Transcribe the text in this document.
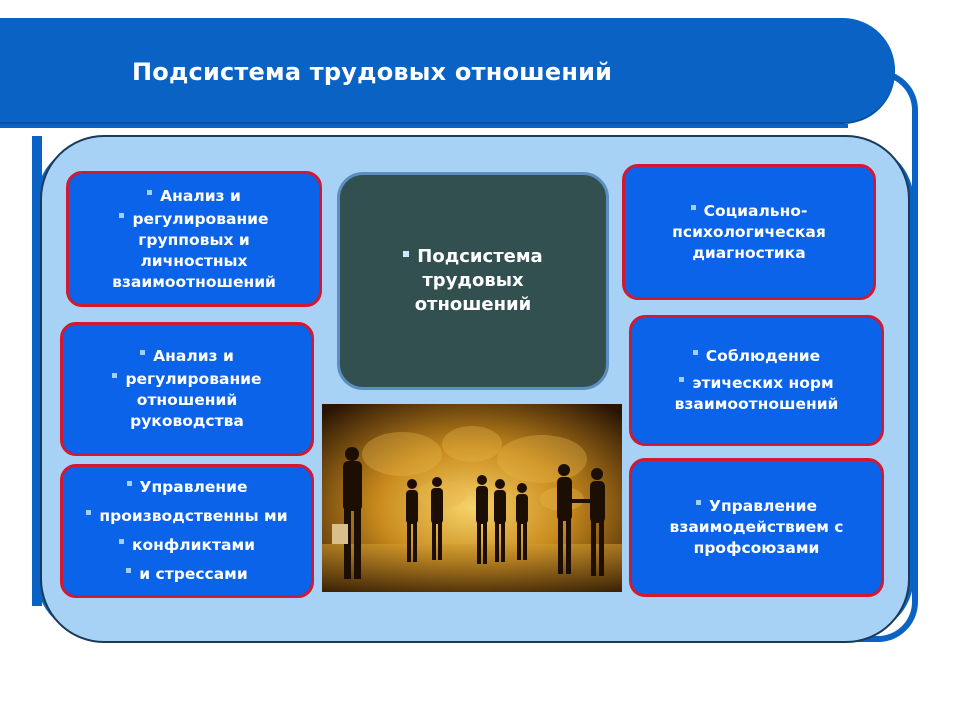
Подсистема трудовых отношений
Анализ и
регулирование групповых и личностных взаимоотношений
Анализ и
регулирование отношений руководства
Управление
производственны ми
конфликтами
и стрессами
Подсистема
трудовых
отношений
Социально-психологическая диагностика
Соблюдение
этических норм взаимоотношений
Управление взаимодействием с профсоюзами
